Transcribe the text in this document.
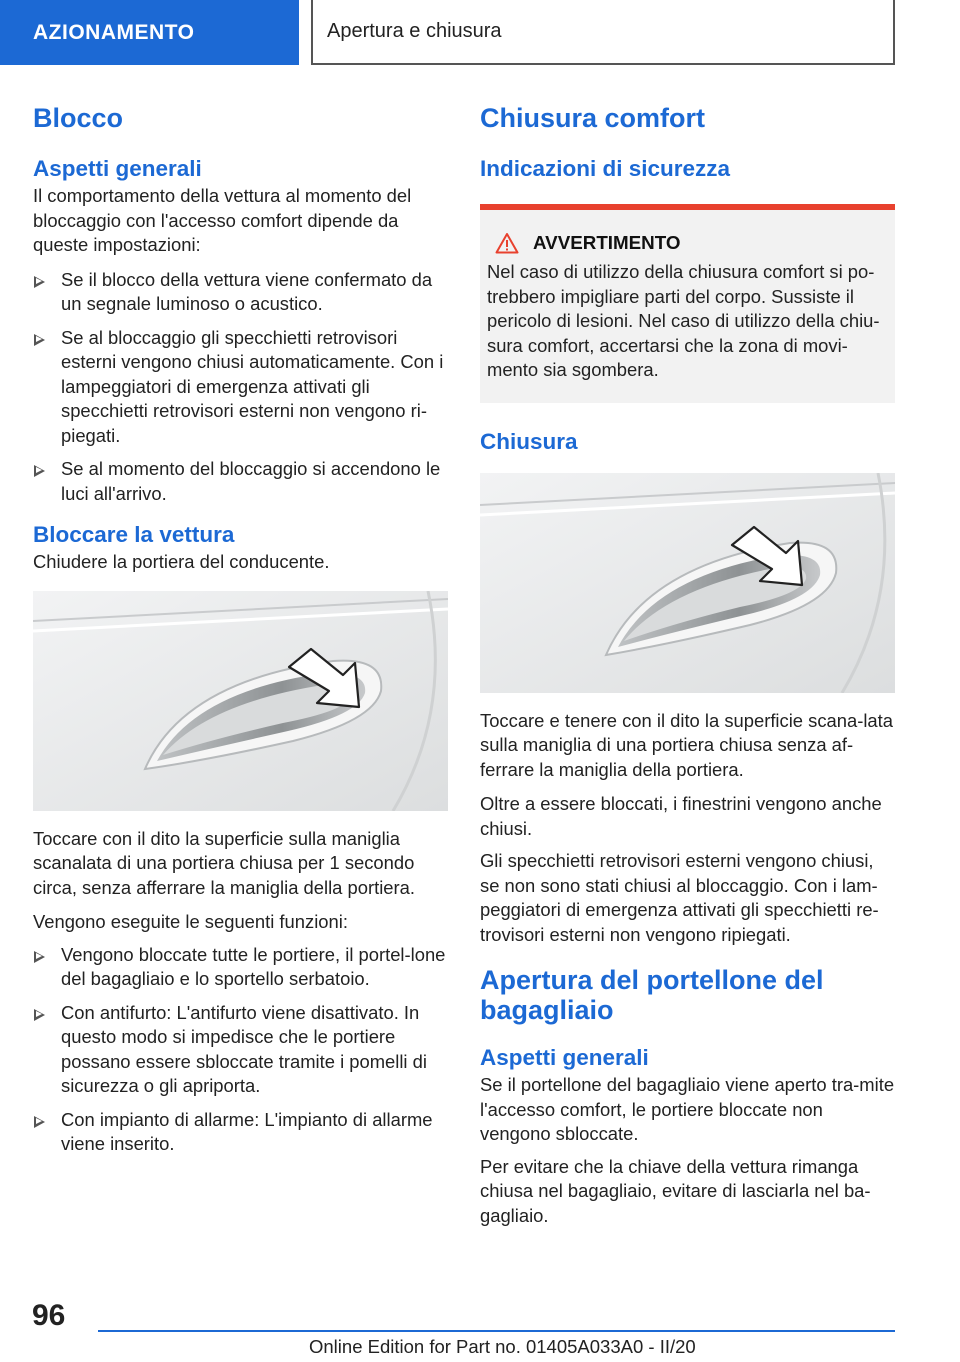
AZIONAMENTO	Apertura e chiusura
Blocco
Aspetti generali

Il comportamento della vettura al momento del bloccaggio con l'accesso comfort dipende da queste impostazioni:

Se il blocco della vettura viene confermato da un segnale luminoso o acustico.
Se al bloccaggio gli specchietti retrovisori esterni vengono chiusi automaticamente. Con i lampeggiatori di emergenza attivati gli specchietti retrovisori esterni non vengono ri-piegati.
Se al momento del bloccaggio si accendono le luci all'arrivo.
Bloccare la vettura

Chiudere la portiera del conducente.

Toccare con il dito la superficie sulla maniglia scanalata di una portiera chiusa per 1 secondo circa, senza afferrare la maniglia della portiera.

Vengono eseguite le seguenti funzioni:

Vengono bloccate tutte le portiere, il portel-lone del bagagliaio e lo sportello serbatoio.
Con antifurto: L'antifurto viene disattivato. In questo modo si impedisce che le portiere possano essere sbloccate tramite i pomelli di sicurezza o gli apriporta.
Con impianto di allarme: L'impianto di allarme viene inserito.
Chiusura comfort
Indicazioni di sicurezza
AVVERTIMENTO

Nel caso di utilizzo della chiusura comfort si po-trebbero impigliare parti del corpo. Sussiste il pericolo di lesioni. Nel caso di utilizzo della chiu-sura comfort, accertarsi che la zona di movi-mento sia sgombera.

Chiusura

Toccare e tenere con il dito la superficie scana-lata sulla maniglia di una portiera chiusa senza af-ferrare la maniglia della portiera.

Oltre a essere bloccati, i finestrini vengono anche chiusi.

Gli specchietti retrovisori esterni vengono chiusi, se non sono stati chiusi al bloccaggio. Con i lam-peggiatori di emergenza attivati gli specchietti re-trovisori esterni non vengono ripiegati.

Apertura del portellone del bagagliaio
Aspetti generali

Se il portellone del bagagliaio viene aperto tra-mite l'accesso comfort, le portiere bloccate non vengono sbloccate.

Per evitare che la chiave della vettura rimanga chiusa nel bagagliaio, evitare di lasciarla nel ba-gagliaio.

96
Online Edition for Part no. 01405A033A0 - II/20
